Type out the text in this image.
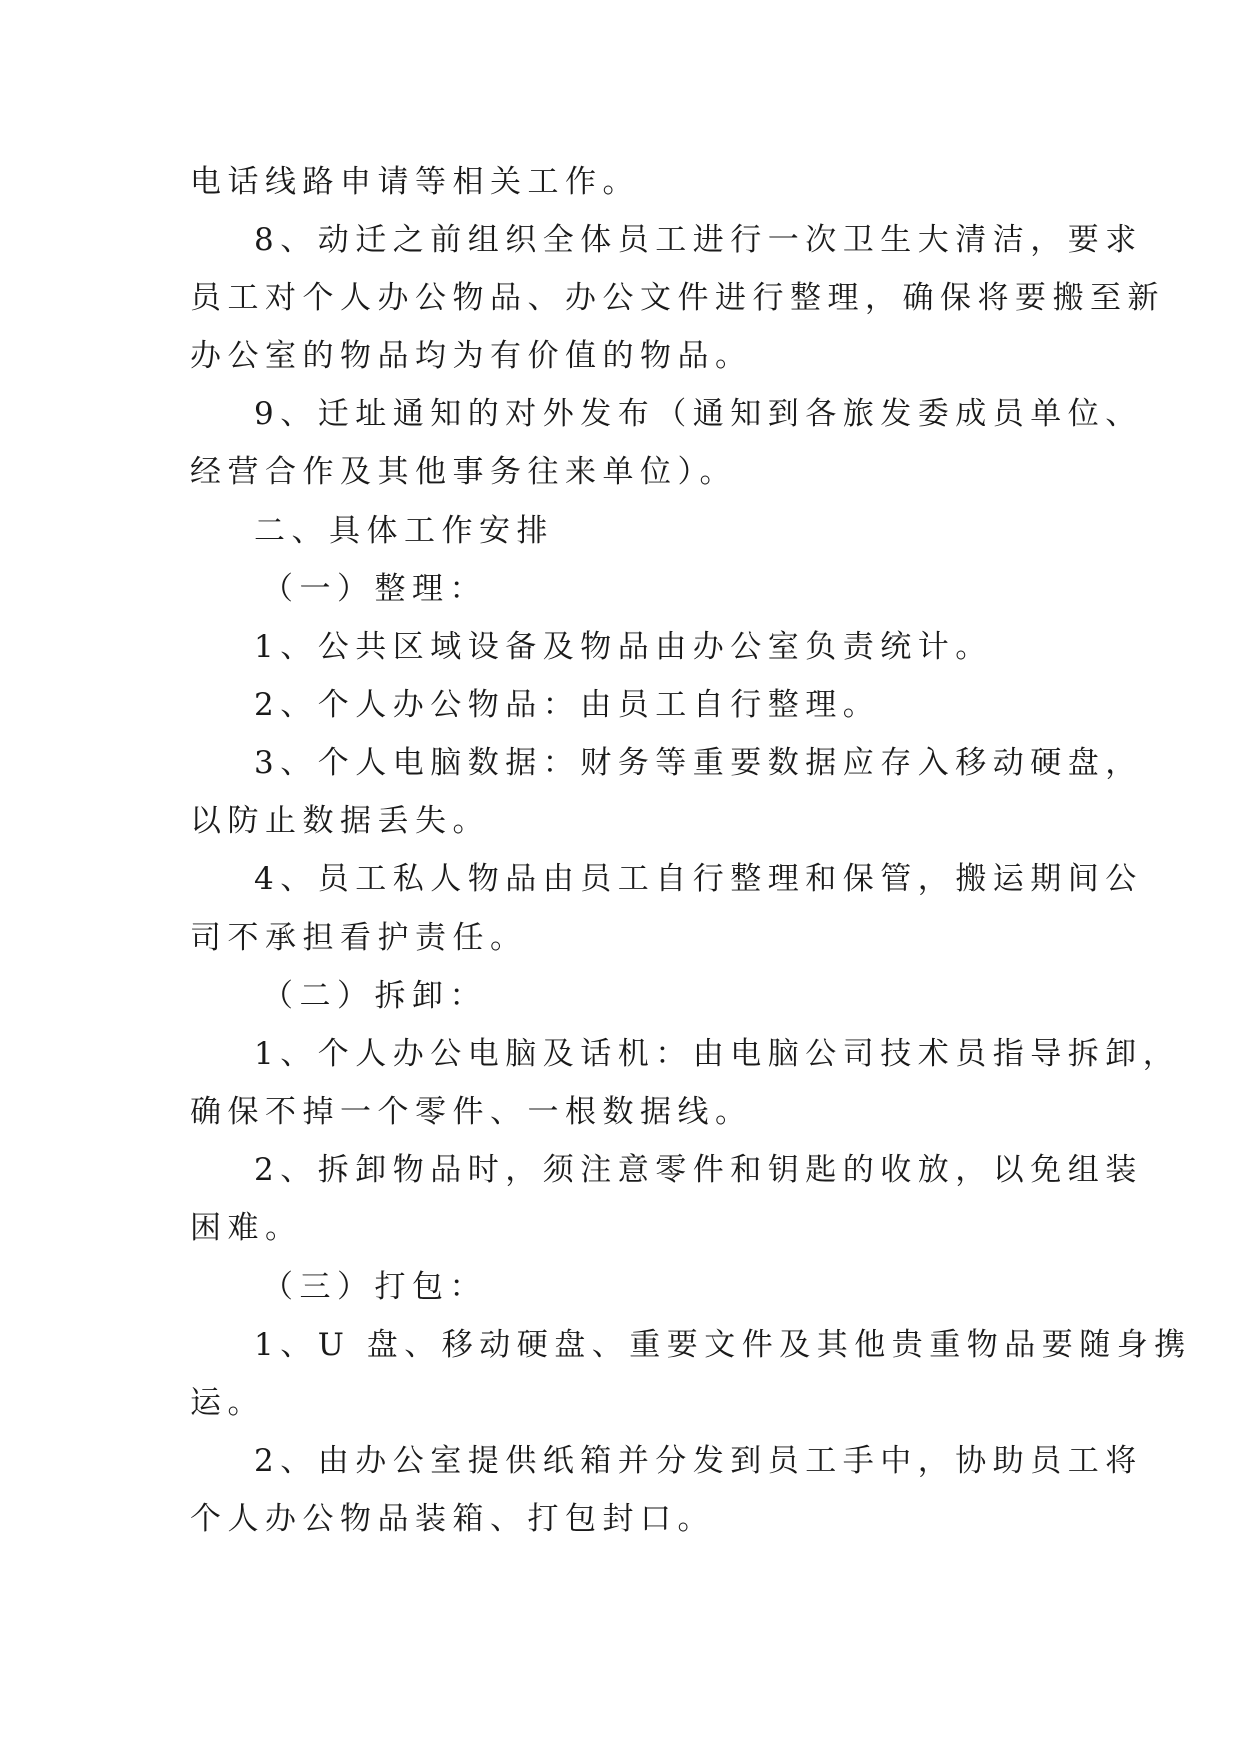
电话线路申请等相关工作。
8、动迁之前组织全体员工进行一次卫生大清洁，要求
员工对个人办公物品、办公文件进行整理，确保将要搬至新
办公室的物品均为有价值的物品。
9、迁址通知的对外发布（通知到各旅发委成员单位、
经营合作及其他事务往来单位）。
二、具体工作安排
（一）整理：
1、公共区域设备及物品由办公室负责统计。
2、个人办公物品：由员工自行整理。
3、个人电脑数据：财务等重要数据应存入移动硬盘，
以防止数据丢失。
4、员工私人物品由员工自行整理和保管，搬运期间公
司不承担看护责任。
（二）拆卸：
1、个人办公电脑及话机：由电脑公司技术员指导拆卸，
确保不掉一个零件、一根数据线。
2、拆卸物品时，须注意零件和钥匙的收放，以免组装
困难。
（三）打包：
1、U 盘、移动硬盘、重要文件及其他贵重物品要随身携
运。
2、由办公室提供纸箱并分发到员工手中，协助员工将
个人办公物品装箱、打包封口。
